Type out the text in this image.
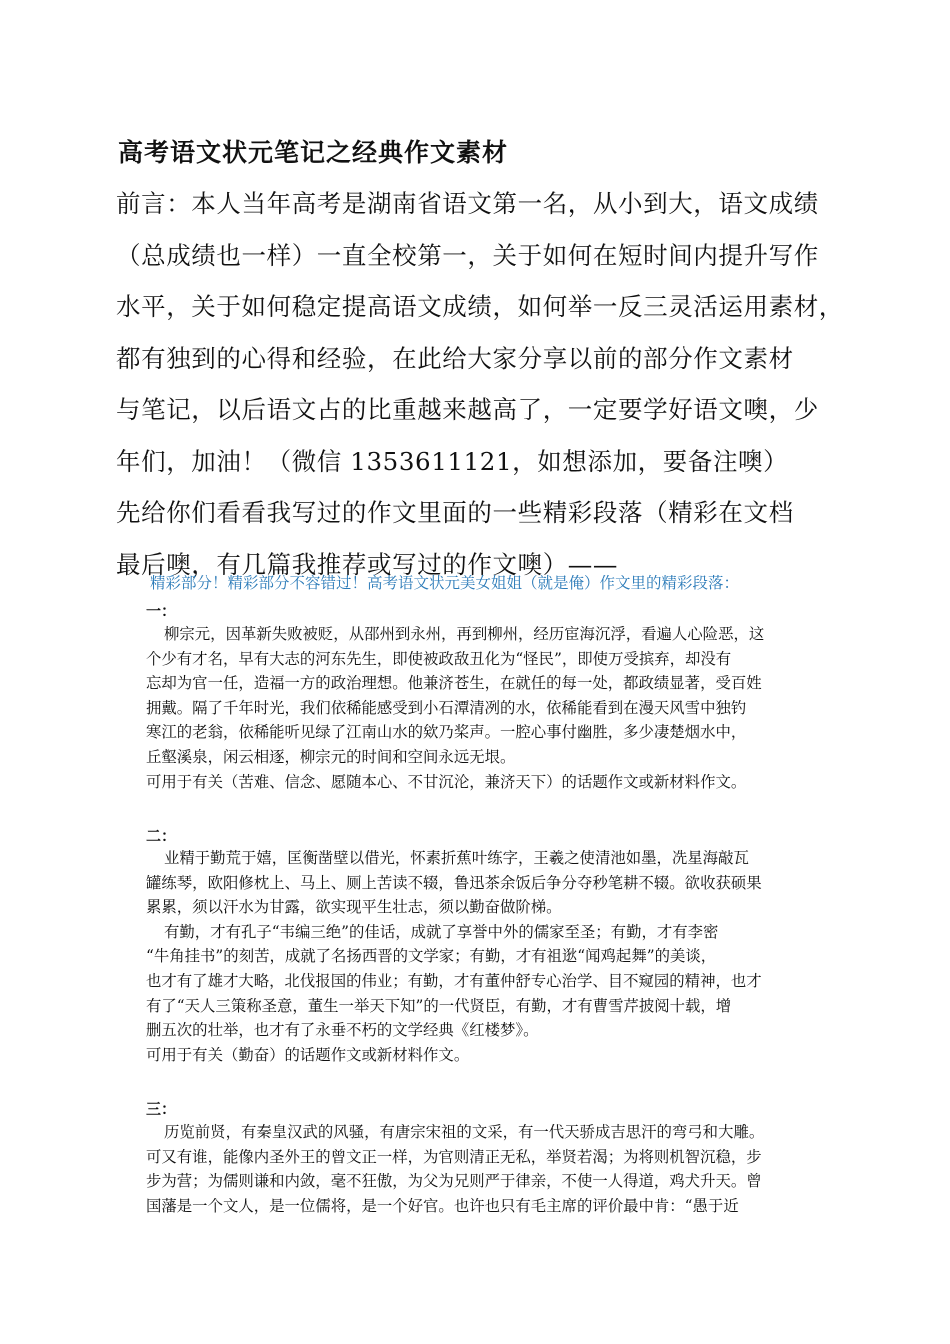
高考语文状元笔记之经典作文素材
前言：本人当年高考是湖南省语文第一名，从小到大，语文成绩
（总成绩也一样）一直全校第一，关于如何在短时间内提升写作
水平，关于如何稳定提高语文成绩，如何举一反三灵活运用素材，
都有独到的心得和经验，在此给大家分享以前的部分作文素材
与笔记，以后语文占的比重越来越高了，一定要学好语文噢，少
年们，加油！（微信 1353611121，如想添加，要备注噢）
先给你们看看我写过的作文里面的一些精彩段落（精彩在文档
最后噢，有几篇我推荐或写过的作文噢）——
精彩部分！精彩部分不容错过！高考语文状元美女姐姐（就是俺）作文里的精彩段落：
一：
柳宗元，因革新失败被贬，从邵州到永州，再到柳州，经历宦海沉浮，看遍人心险恶，这
个少有才名，早有大志的河东先生，即使被政敌丑化为“怪民”，即使万受摈弃，却没有
忘却为官一任，造福一方的政治理想。他兼济苍生，在就任的每一处，都政绩显著，受百姓
拥戴。隔了千年时光，我们依稀能感受到小石潭清冽的水，依稀能看到在漫天风雪中独钓
寒江的老翁，依稀能听见绿了江南山水的欸乃桨声。一腔心事付幽胜，多少凄楚烟水中，
丘壑溪泉，闲云相逐，柳宗元的时间和空间永远无垠。
可用于有关（苦难、信念、愿随本心、不甘沉沦，兼济天下）的话题作文或新材料作文。
二：
业精于勤荒于嬉，匡衡凿壁以借光，怀素折蕉叶练字，王羲之使清池如墨，冼星海敲瓦
罐练琴，欧阳修枕上、马上、厕上苦读不辍，鲁迅茶余饭后争分夺秒笔耕不辍。欲收获硕果
累累，须以汗水为甘露，欲实现平生壮志，须以勤奋做阶梯。
有勤，才有孔子“韦编三绝”的佳话，成就了享誉中外的儒家至圣；有勤，才有李密
“牛角挂书”的刻苦，成就了名扬西晋的文学家；有勤，才有祖逖“闻鸡起舞”的美谈，
也才有了雄才大略，北伐报国的伟业；有勤，才有董仲舒专心治学、目不窥园的精神，也才
有了“天人三策称圣意，董生一举天下知”的一代贤臣，有勤，才有曹雪芹披阅十载，增
删五次的壮举，也才有了永垂不朽的文学经典《红楼梦》。
可用于有关（勤奋）的话题作文或新材料作文。
三：
历览前贤，有秦皇汉武的风骚，有唐宗宋祖的文采，有一代天骄成吉思汗的弯弓和大雕。
可又有谁，能像内圣外王的曾文正一样，为官则清正无私，举贤若渴；为将则机智沉稳，步
步为营；为儒则谦和内敛，毫不狂傲，为父为兄则严于律亲，不使一人得道，鸡犬升天。曾
国藩是一个文人，是一位儒将，是一个好官。也许也只有毛主席的评价最中肯：“愚于近
